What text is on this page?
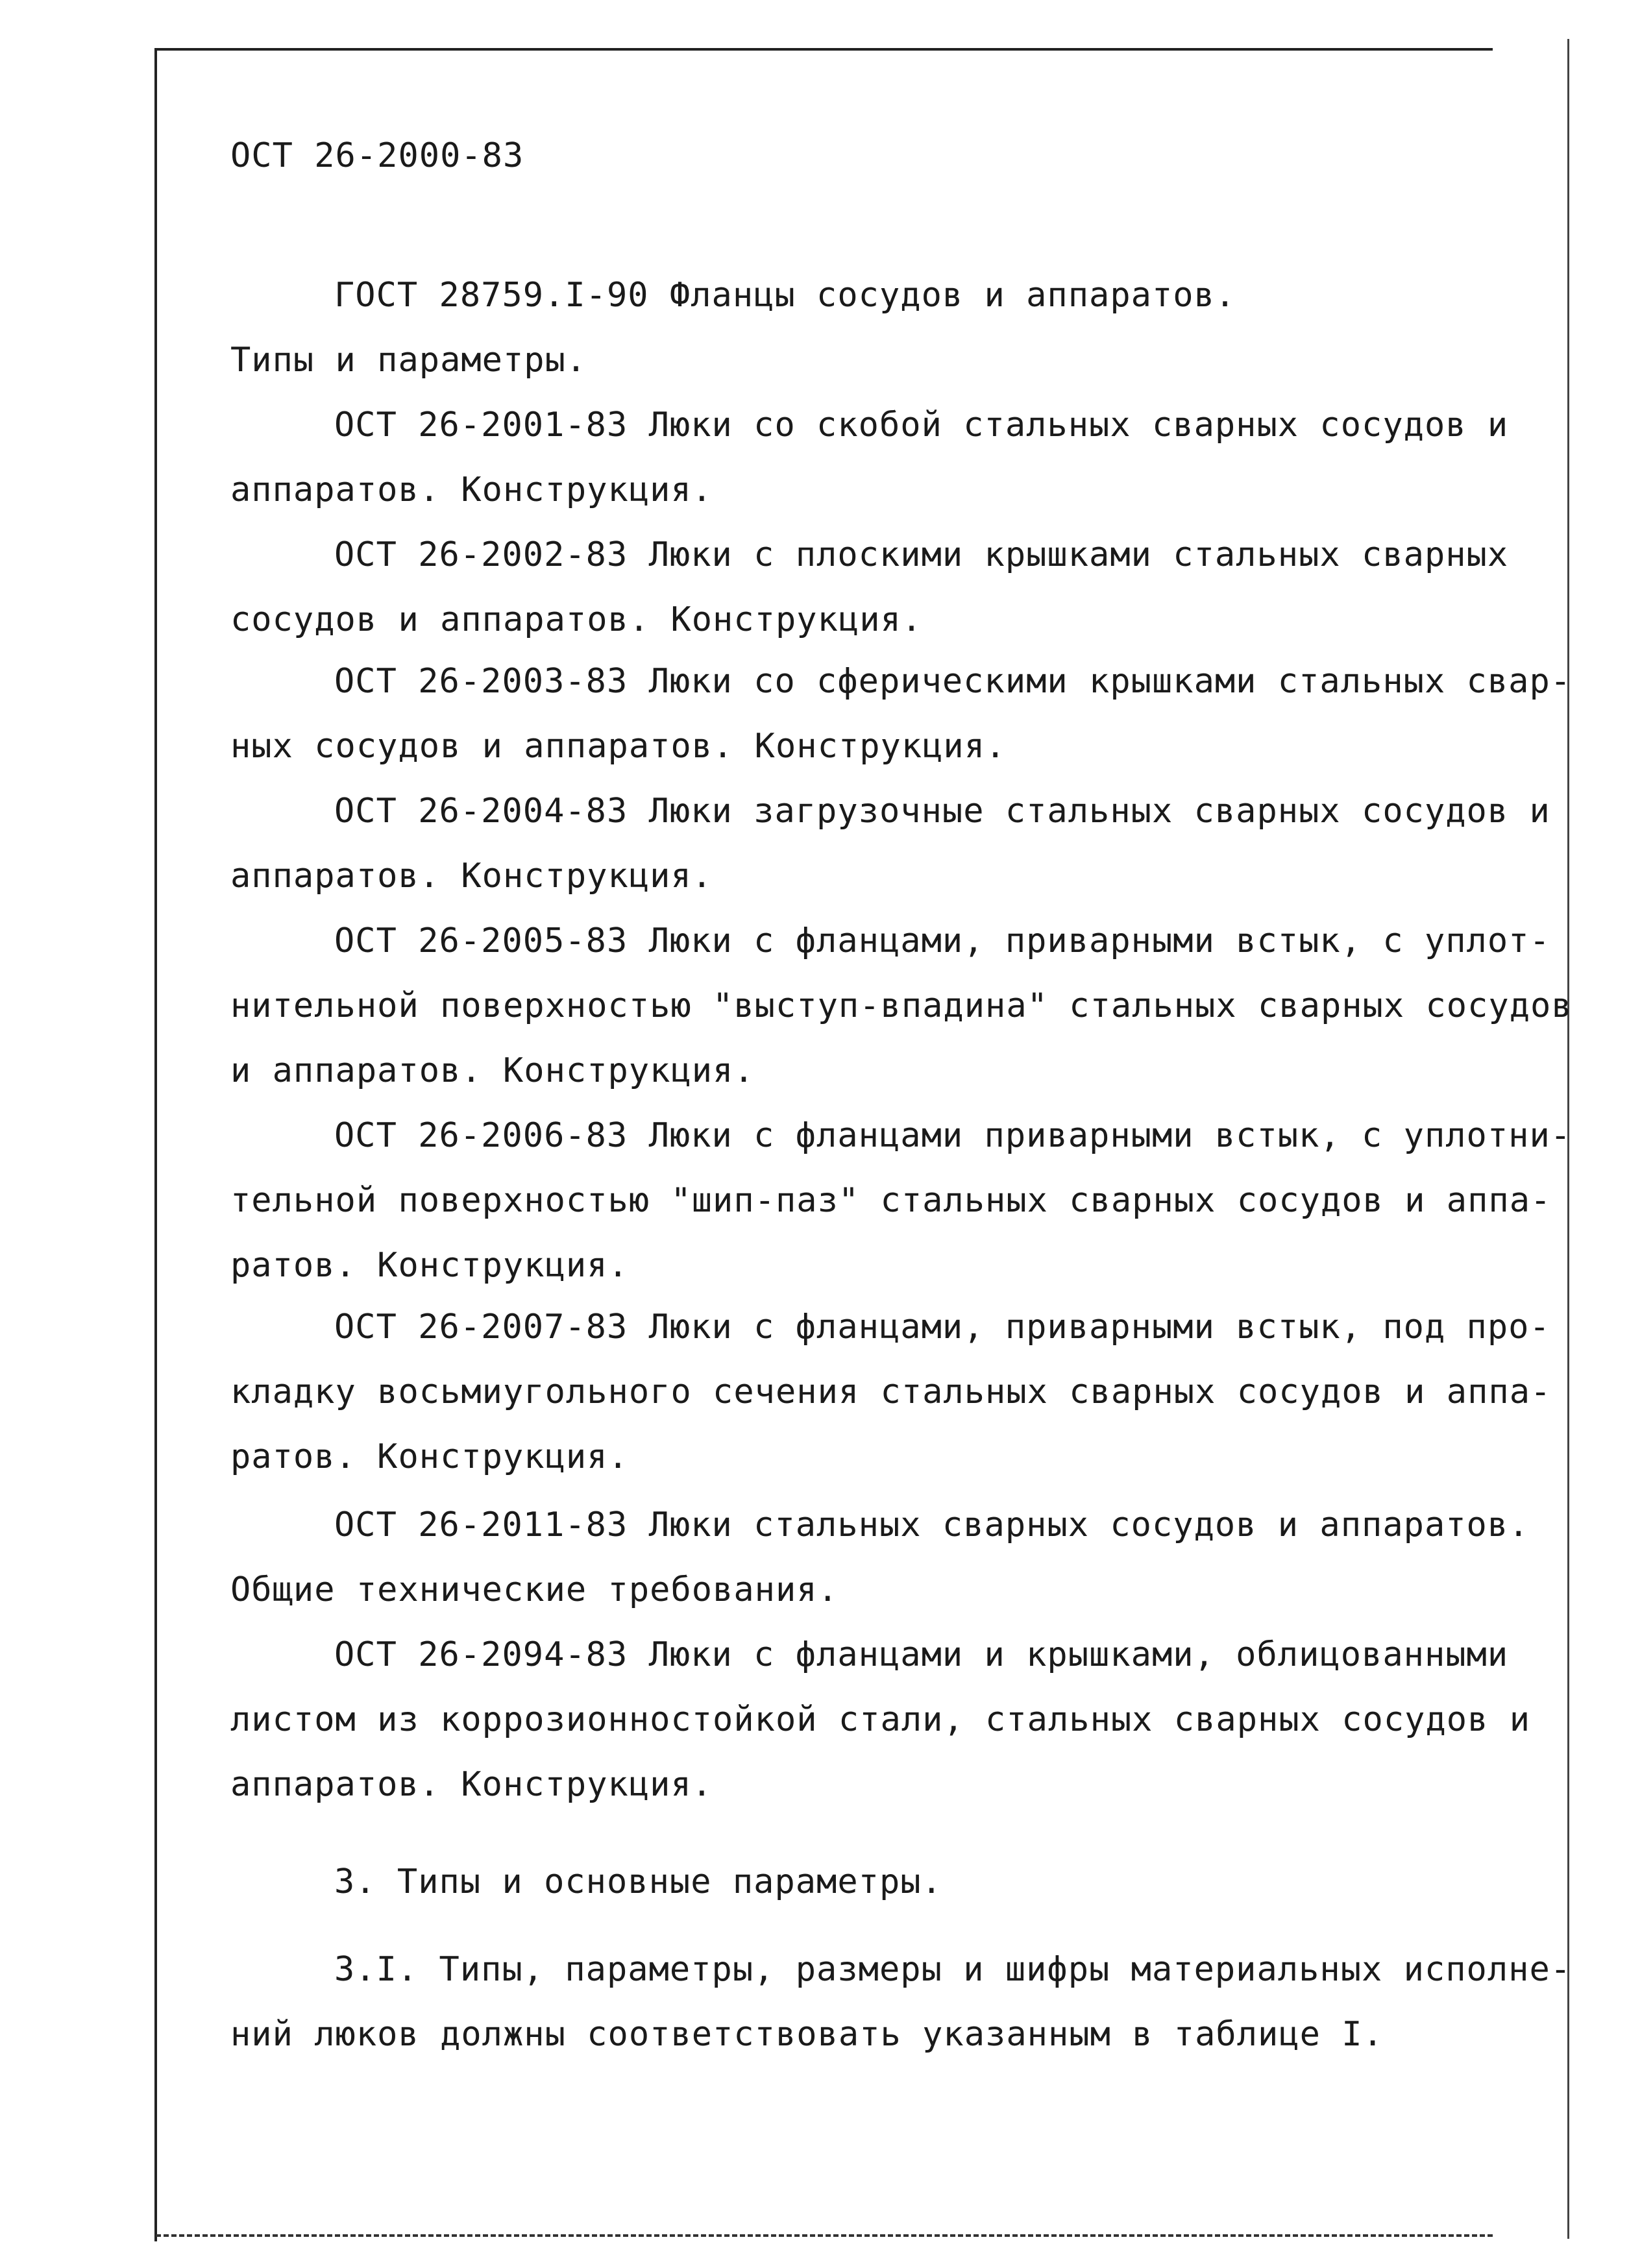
ОСТ 26-2000-83

ГОСТ 28759.I-90 Фланцы сосудов и аппаратов.
Типы и параметры.

ОСТ 26-2001-83 Люки со скобой стальных сварных сосудов и
аппаратов. Конструкция.

ОСТ 26-2002-83 Люки с плоскими крышками стальных сварных
сосудов и аппаратов. Конструкция.

ОСТ 26-2003-83 Люки со сферическими крышками стальных свар-
ных сосудов и аппаратов. Конструкция.

ОСТ 26-2004-83 Люки загрузочные стальных сварных сосудов и
аппаратов. Конструкция.

ОСТ 26-2005-83 Люки с фланцами, приварными встык, с уплот-
нительной поверхностью "выступ-впадина" стальных сварных сосудов
и аппаратов. Конструкция.

ОСТ 26-2006-83 Люки с фланцами приварными встык, с уплотни-
тельной поверхностью "шип-паз" стальных сварных сосудов и аппа-
ратов. Конструкция.

ОСТ 26-2007-83 Люки с фланцами, приварными встык, под про-
кладку восьмиугольного сечения стальных сварных сосудов и аппа-
ратов. Конструкция.

ОСТ 26-2011-83 Люки стальных сварных сосудов и аппаратов.
Общие технические требования.

ОСТ 26-2094-83 Люки с фланцами и крышками, облицованными
листом из коррозионностойкой стали, стальных сварных сосудов и
аппаратов. Конструкция.

3. Типы и основные параметры.

3.I. Типы, параметры, размеры и шифры материальных исполне-
ний люков должны соответствовать указанным в таблице I.
